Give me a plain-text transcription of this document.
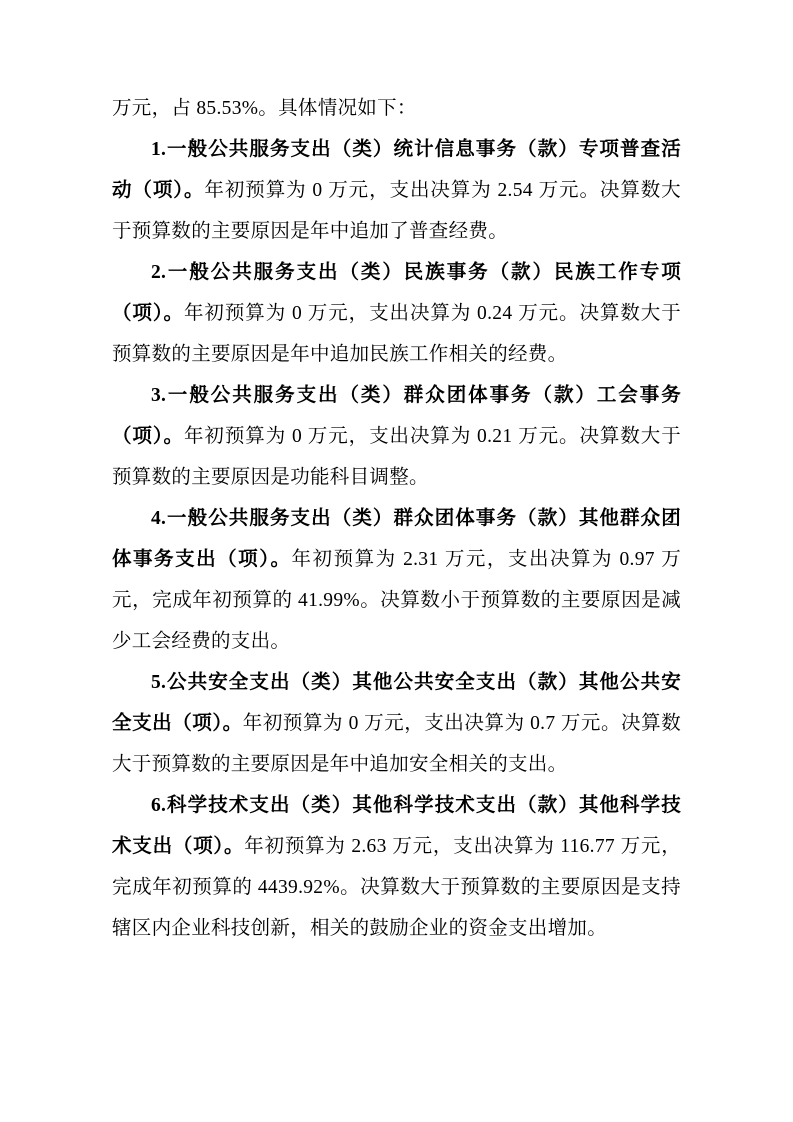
万元，占 85.53%。具体情况如下：

1.一般公共服务支出（类）统计信息事务（款）专项普查活动（项）。年初预算为 0 万元，支出决算为 2.54 万元。决算数大于预算数的主要原因是年中追加了普查经费。

2.一般公共服务支出（类）民族事务（款）民族工作专项（项）。年初预算为 0 万元，支出决算为 0.24 万元。决算数大于预算数的主要原因是年中追加民族工作相关的经费。

3.一般公共服务支出（类）群众团体事务（款）工会事务（项）。年初预算为 0 万元，支出决算为 0.21 万元。决算数大于预算数的主要原因是功能科目调整。

4.一般公共服务支出（类）群众团体事务（款）其他群众团体事务支出（项）。年初预算为 2.31 万元，支出决算为 0.97 万元，完成年初预算的 41.99%。决算数小于预算数的主要原因是减少工会经费的支出。

5.公共安全支出（类）其他公共安全支出（款）其他公共安全支出（项）。年初预算为 0 万元，支出决算为 0.7 万元。决算数大于预算数的主要原因是年中追加安全相关的支出。

6.科学技术支出（类）其他科学技术支出（款）其他科学技术支出（项）。年初预算为 2.63 万元，支出决算为 116.77 万元，完成年初预算的 4439.92%。决算数大于预算数的主要原因是支持辖区内企业科技创新，相关的鼓励企业的资金支出增加。
